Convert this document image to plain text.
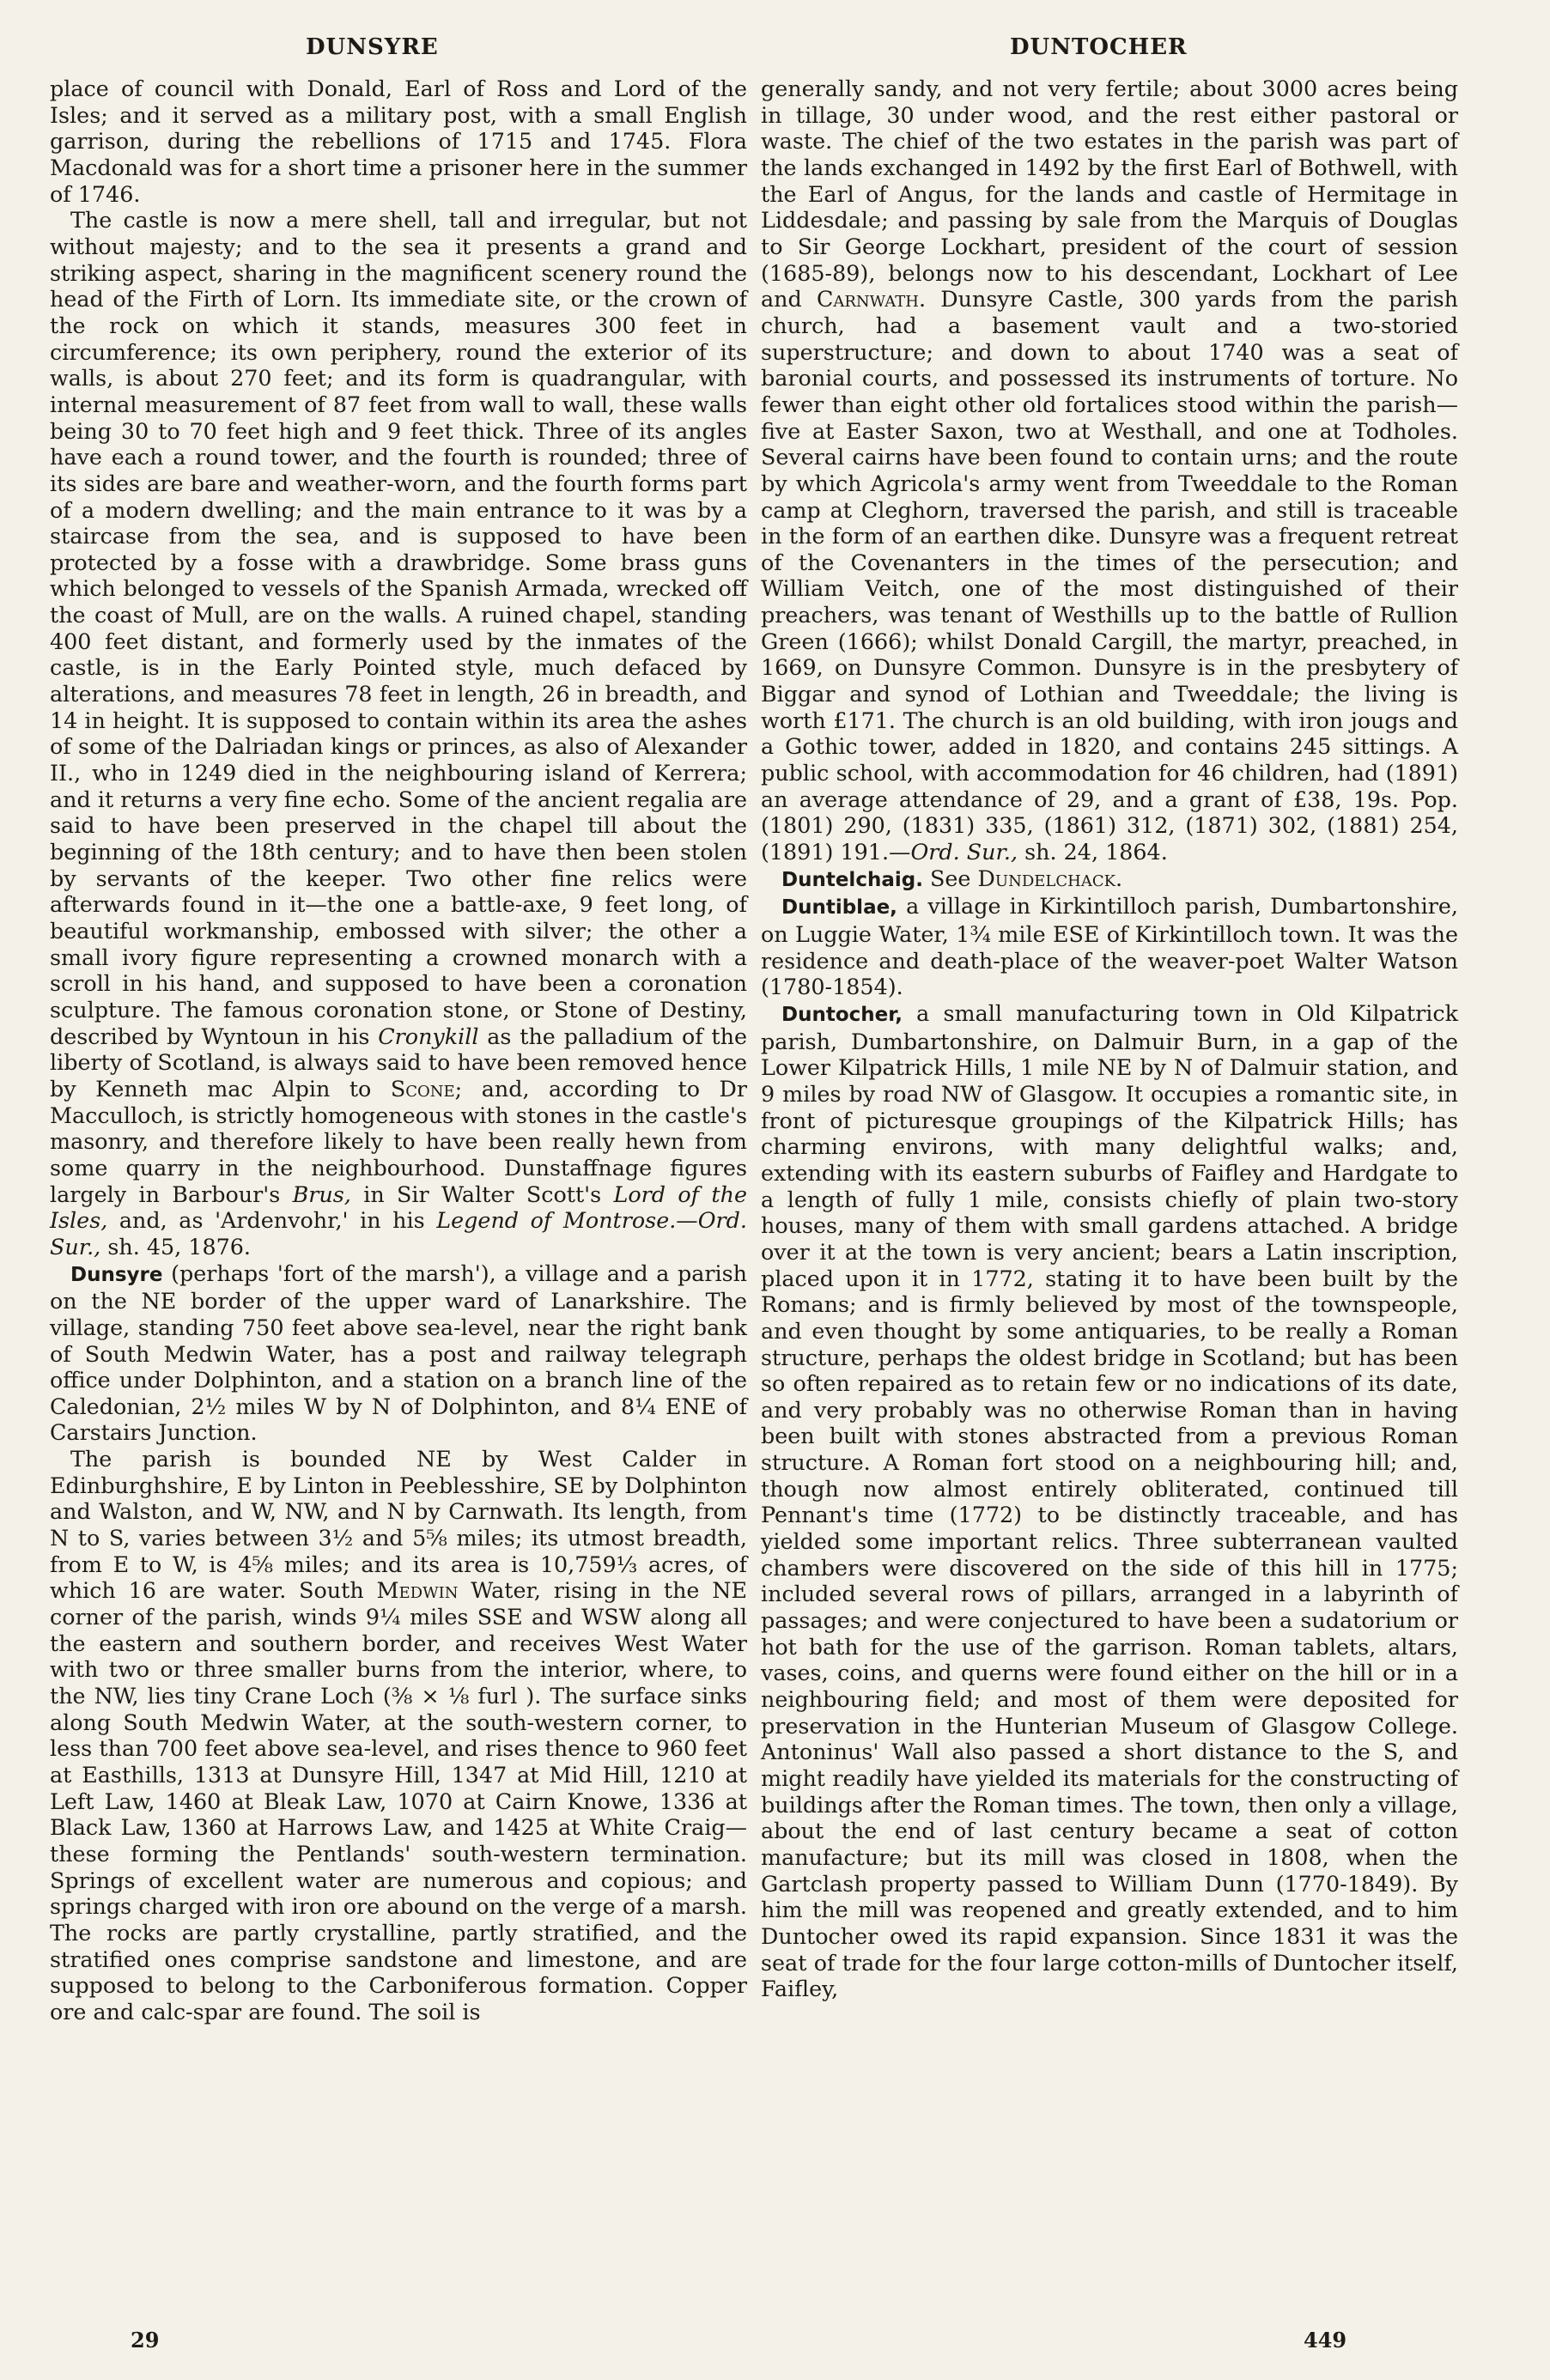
DUNSYRE	DUNTOCHER

place of council with Donald, Earl of Ross and Lord of the Isles; and it served as a military post, with a small English garrison, during the rebellions of 1715 and 1745. Flora Macdonald was for a short time a prisoner here in the summer of 1746.

The castle is now a mere shell, tall and irregular, but not without majesty; and to the sea it presents a grand and striking aspect, sharing in the magnificent scenery round the head of the Firth of Lorn. Its immediate site, or the crown of the rock on which it stands, measures 300 feet in circumference; its own periphery, round the exterior of its walls, is about 270 feet; and its form is quadrangular, with internal measurement of 87 feet from wall to wall, these walls being 30 to 70 feet high and 9 feet thick. Three of its angles have each a round tower, and the fourth is rounded; three of its sides are bare and weather-worn, and the fourth forms part of a modern dwelling; and the main entrance to it was by a staircase from the sea, and is supposed to have been protected by a fosse with a drawbridge. Some brass guns which belonged to vessels of the Spanish Armada, wrecked off the coast of Mull, are on the walls. A ruined chapel, standing 400 feet distant, and formerly used by the inmates of the castle, is in the Early Pointed style, much defaced by alterations, and measures 78 feet in length, 26 in breadth, and 14 in height. It is supposed to contain within its area the ashes of some of the Dalriadan kings or princes, as also of Alexander II., who in 1249 died in the neighbouring island of Kerrera; and it returns a very fine echo. Some of the ancient regalia are said to have been preserved in the chapel till about the beginning of the 18th century; and to have then been stolen by servants of the keeper. Two other fine relics were afterwards found in it—the one a battle-axe, 9 feet long, of beautiful workmanship, embossed with silver; the other a small ivory figure representing a crowned monarch with a scroll in his hand, and supposed to have been a coronation sculpture. The famous coronation stone, or Stone of Destiny, described by Wyntoun in his Cronykill as the palladium of the liberty of Scotland, is always said to have been removed hence by Kenneth mac Alpin to Scone; and, according to Dr Macculloch, is strictly homogeneous with stones in the castle's masonry, and therefore likely to have been really hewn from some quarry in the neighbourhood. Dunstaffnage figures largely in Barbour's Brus, in Sir Walter Scott's Lord of the Isles, and, as 'Ardenvohr,' in his Legend of Montrose.—Ord. Sur., sh. 45, 1876.

Dunsyre (perhaps 'fort of the marsh'), a village and a parish on the NE border of the upper ward of Lanarkshire. The village, standing 750 feet above sea-level, near the right bank of South Medwin Water, has a post and railway telegraph office under Dolphinton, and a station on a branch line of the Caledonian, 2½ miles W by N of Dolphinton, and 8¼ ENE of Carstairs Junction.

The parish is bounded NE by West Calder in Edinburghshire, E by Linton in Peeblesshire, SE by Dolphinton and Walston, and W, NW, and N by Carnwath. Its length, from N to S, varies between 3½ and 5⅝ miles; its utmost breadth, from E to W, is 4⅝ miles; and its area is 10,759⅓ acres, of which 16 are water. South Medwin Water, rising in the NE corner of the parish, winds 9¼ miles SSE and WSW along all the eastern and southern border, and receives West Water with two or three smaller burns from the interior, where, to the NW, lies tiny Crane Loch (⅜ × ⅛ furl ). The surface sinks along South Medwin Water, at the south-western corner, to less than 700 feet above sea-level, and rises thence to 960 feet at Easthills, 1313 at Dunsyre Hill, 1347 at Mid Hill, 1210 at Left Law, 1460 at Bleak Law, 1070 at Cairn Knowe, 1336 at Black Law, 1360 at Harrows Law, and 1425 at White Craig—these forming the Pentlands' south-western termination. Springs of excellent water are numerous and copious; and springs charged with iron ore abound on the verge of a marsh. The rocks are partly crystalline, partly stratified, and the stratified ones comprise sandstone and limestone, and are supposed to belong to the Carboniferous formation. Copper ore and calc-spar are found. The soil is

generally sandy, and not very fertile; about 3000 acres being in tillage, 30 under wood, and the rest either pastoral or waste. The chief of the two estates in the parish was part of the lands exchanged in 1492 by the first Earl of Bothwell, with the Earl of Angus, for the lands and castle of Hermitage in Liddesdale; and passing by sale from the Marquis of Douglas to Sir George Lockhart, president of the court of session (1685-89), belongs now to his descendant, Lockhart of Lee and Carnwath. Dunsyre Castle, 300 yards from the parish church, had a basement vault and a two-storied superstructure; and down to about 1740 was a seat of baronial courts, and possessed its instruments of torture. No fewer than eight other old fortalices stood within the parish—five at Easter Saxon, two at Westhall, and one at Todholes. Several cairns have been found to contain urns; and the route by which Agricola's army went from Tweeddale to the Roman camp at Cleghorn, traversed the parish, and still is traceable in the form of an earthen dike. Dunsyre was a frequent retreat of the Covenanters in the times of the persecution; and William Veitch, one of the most distinguished of their preachers, was tenant of Westhills up to the battle of Rullion Green (1666); whilst Donald Cargill, the martyr, preached, in 1669, on Dunsyre Common. Dunsyre is in the presbytery of Biggar and synod of Lothian and Tweeddale; the living is worth £171. The church is an old building, with iron jougs and a Gothic tower, added in 1820, and contains 245 sittings. A public school, with accommodation for 46 children, had (1891) an average attendance of 29, and a grant of £38, 19s. Pop. (1801) 290, (1831) 335, (1861) 312, (1871) 302, (1881) 254, (1891) 191.—Ord. Sur., sh. 24, 1864.

Duntelchaig. See Dundelchack.

Duntiblae, a village in Kirkintilloch parish, Dumbartonshire, on Luggie Water, 1¾ mile ESE of Kirkintilloch town. It was the residence and death-place of the weaver-poet Walter Watson (1780-1854).

Duntocher, a small manufacturing town in Old Kilpatrick parish, Dumbartonshire, on Dalmuir Burn, in a gap of the Lower Kilpatrick Hills, 1 mile NE by N of Dalmuir station, and 9 miles by road NW of Glasgow. It occupies a romantic site, in front of picturesque groupings of the Kilpatrick Hills; has charming environs, with many delightful walks; and, extending with its eastern suburbs of Faifley and Hardgate to a length of fully 1 mile, consists chiefly of plain two-story houses, many of them with small gardens attached. A bridge over it at the town is very ancient; bears a Latin inscription, placed upon it in 1772, stating it to have been built by the Romans; and is firmly believed by most of the townspeople, and even thought by some antiquaries, to be really a Roman structure, perhaps the oldest bridge in Scotland; but has been so often repaired as to retain few or no indications of its date, and very probably was no otherwise Roman than in having been built with stones abstracted from a previous Roman structure. A Roman fort stood on a neighbouring hill; and, though now almost entirely obliterated, continued till Pennant's time (1772) to be distinctly traceable, and has yielded some important relics. Three subterranean vaulted chambers were discovered on the side of this hill in 1775; included several rows of pillars, arranged in a labyrinth of passages; and were conjectured to have been a sudatorium or hot bath for the use of the garrison. Roman tablets, altars, vases, coins, and querns were found either on the hill or in a neighbouring field; and most of them were deposited for preservation in the Hunterian Museum of Glasgow College. Antoninus' Wall also passed a short distance to the S, and might readily have yielded its materials for the constructing of buildings after the Roman times. The town, then only a village, about the end of last century became a seat of cotton manufacture; but its mill was closed in 1808, when the Gartclash property passed to William Dunn (1770-1849). By him the mill was reopened and greatly extended, and to him Duntocher owed its rapid expansion. Since 1831 it was the seat of trade for the four large cotton-mills of Duntocher itself, Faifley,

29	449
